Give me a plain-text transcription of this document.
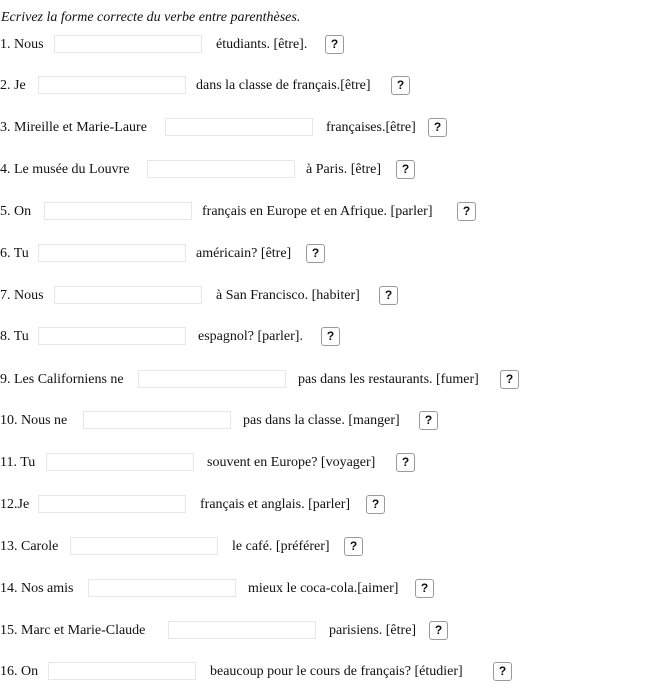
Ecrivez la forme correcte du verbe entre parenthèses.
1. Nous	étudiants. [être].	?
2. Je	dans la classe de français.[être]	?
3. Mireille et Marie-Laure	françaises.[être]	?
4. Le musée du Louvre	à Paris. [être]	?
5. On	français en Europe et en Afrique. [parler]	?
6. Tu	américain? [être]	?
7. Nous	à San Francisco. [habiter]	?
8. Tu	espagnol? [parler].	?
9. Les Californiens ne	pas dans les restaurants. [fumer]	?
10. Nous ne	pas dans la classe. [manger]	?
11. Tu	souvent en Europe? [voyager]	?
12.Je	français et anglais. [parler]	?
13. Carole	le café. [préférer]	?
14. Nos amis	mieux le coca-cola.[aimer]	?
15. Marc et Marie-Claude	parisiens. [être]	?
16. On	beaucoup pour le cours de français? [étudier]	?
